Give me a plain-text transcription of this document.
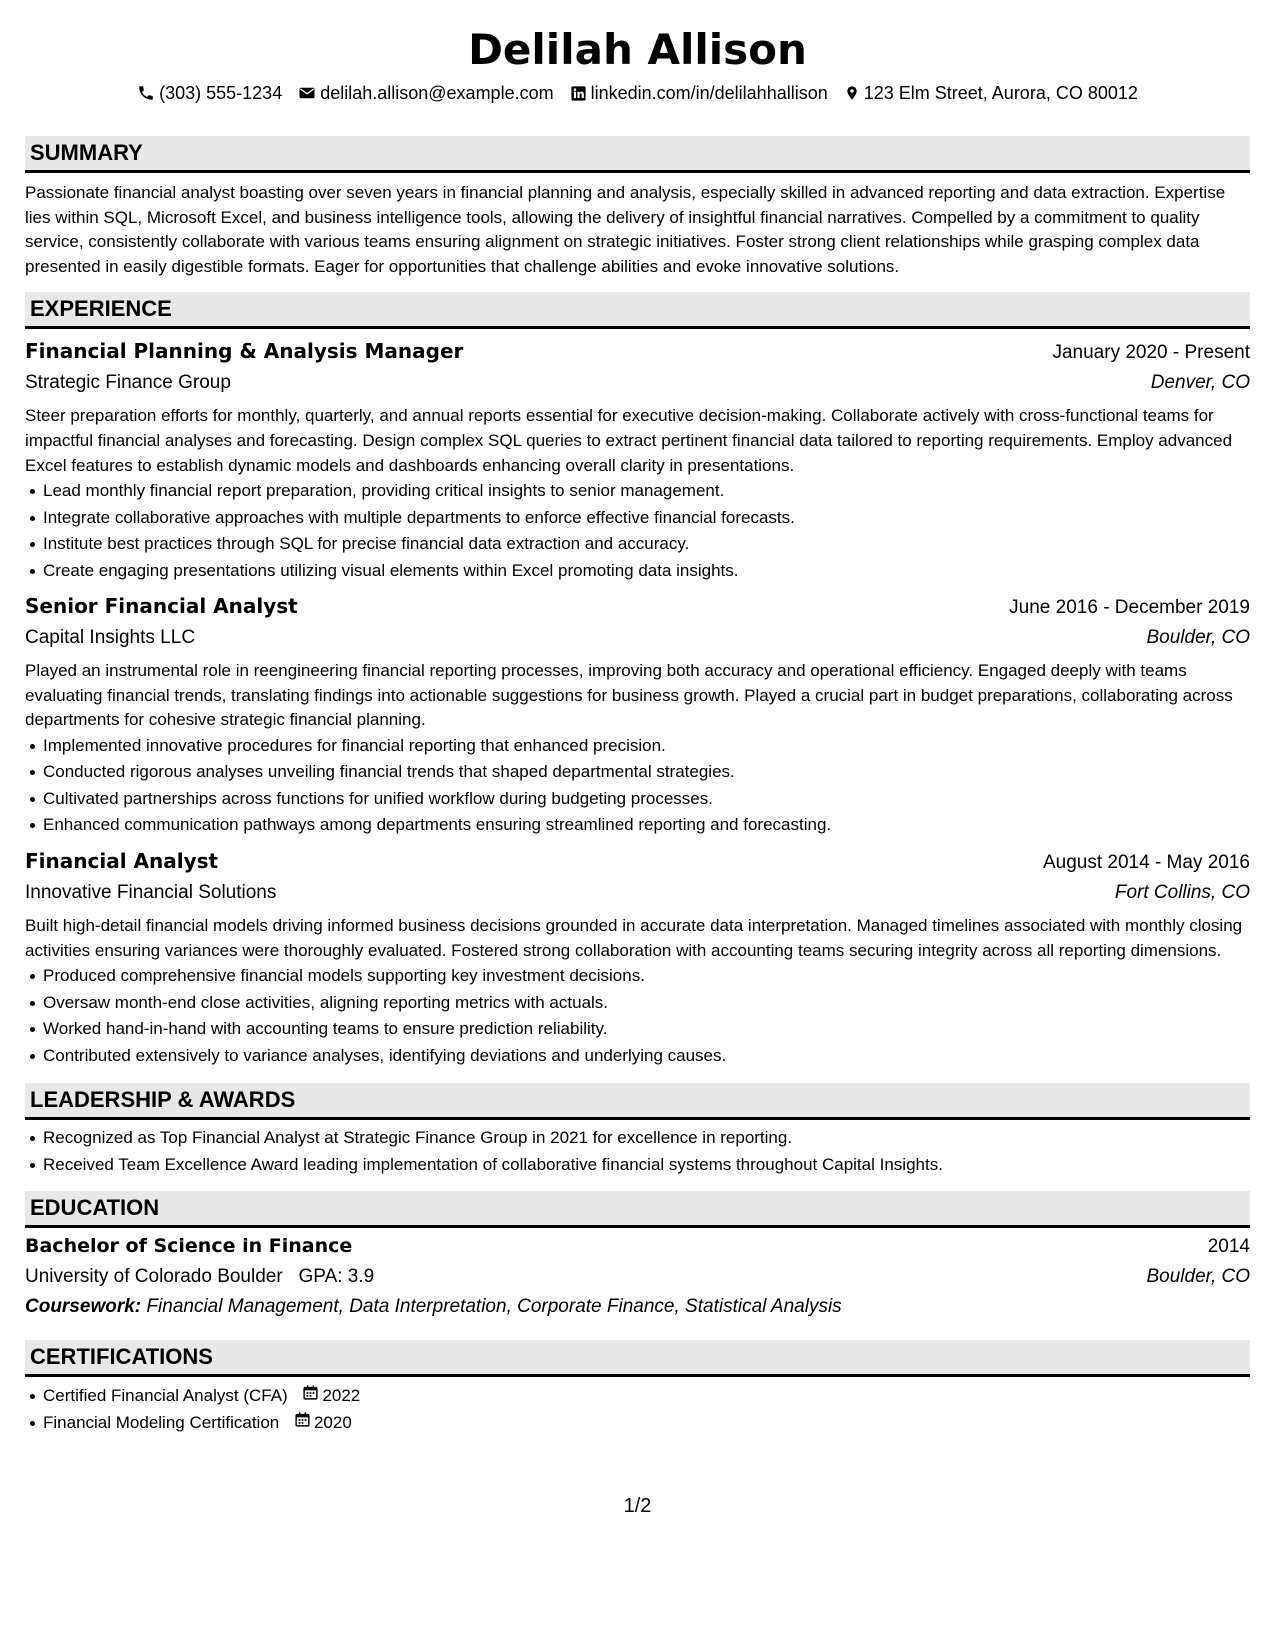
Delilah Allison
(303) 555-1234 delilah.allison@example.com linkedin.com/in/delilahhallison 123 Elm Street, Aurora, CO 80012
SUMMARY
Passionate financial analyst boasting over seven years in financial planning and analysis, especially skilled in advanced reporting and data extraction. Expertise lies within SQL, Microsoft Excel, and business intelligence tools, allowing the delivery of insightful financial narratives. Compelled by a commitment to quality service, consistently collaborate with various teams ensuring alignment on strategic initiatives. Foster strong client relationships while grasping complex data presented in easily digestible formats. Eager for opportunities that challenge abilities and evoke innovative solutions.
EXPERIENCE
Financial Planning & Analysis Manager	January 2020 - Present
Strategic Finance Group	Denver, CO
Steer preparation efforts for monthly, quarterly, and annual reports essential for executive decision-making. Collaborate actively with cross-functional teams for impactful financial analyses and forecasting. Design complex SQL queries to extract pertinent financial data tailored to reporting requirements. Employ advanced Excel features to establish dynamic models and dashboards enhancing overall clarity in presentations.
Lead monthly financial report preparation, providing critical insights to senior management.
Integrate collaborative approaches with multiple departments to enforce effective financial forecasts.
Institute best practices through SQL for precise financial data extraction and accuracy.
Create engaging presentations utilizing visual elements within Excel promoting data insights.
Senior Financial Analyst	June 2016 - December 2019
Capital Insights LLC	Boulder, CO
Played an instrumental role in reengineering financial reporting processes, improving both accuracy and operational efficiency. Engaged deeply with teams evaluating financial trends, translating findings into actionable suggestions for business growth. Played a crucial part in budget preparations, collaborating across departments for cohesive strategic financial planning.
Implemented innovative procedures for financial reporting that enhanced precision.
Conducted rigorous analyses unveiling financial trends that shaped departmental strategies.
Cultivated partnerships across functions for unified workflow during budgeting processes.
Enhanced communication pathways among departments ensuring streamlined reporting and forecasting.
Financial Analyst	August 2014 - May 2016
Innovative Financial Solutions	Fort Collins, CO
Built high-detail financial models driving informed business decisions grounded in accurate data interpretation. Managed timelines associated with monthly closing activities ensuring variances were thoroughly evaluated. Fostered strong collaboration with accounting teams securing integrity across all reporting dimensions.
Produced comprehensive financial models supporting key investment decisions.
Oversaw month-end close activities, aligning reporting metrics with actuals.
Worked hand-in-hand with accounting teams to ensure prediction reliability.
Contributed extensively to variance analyses, identifying deviations and underlying causes.
LEADERSHIP & AWARDS
Recognized as Top Financial Analyst at Strategic Finance Group in 2021 for excellence in reporting.
Received Team Excellence Award leading implementation of collaborative financial systems throughout Capital Insights.
EDUCATION
Bachelor of Science in Finance	2014
University of Colorado Boulder GPA: 3.9	Boulder, CO
Coursework: Financial Management, Data Interpretation, Corporate Finance, Statistical Analysis
CERTIFICATIONS
Certified Financial Analyst (CFA) 2022
Financial Modeling Certification 2020
1/2
